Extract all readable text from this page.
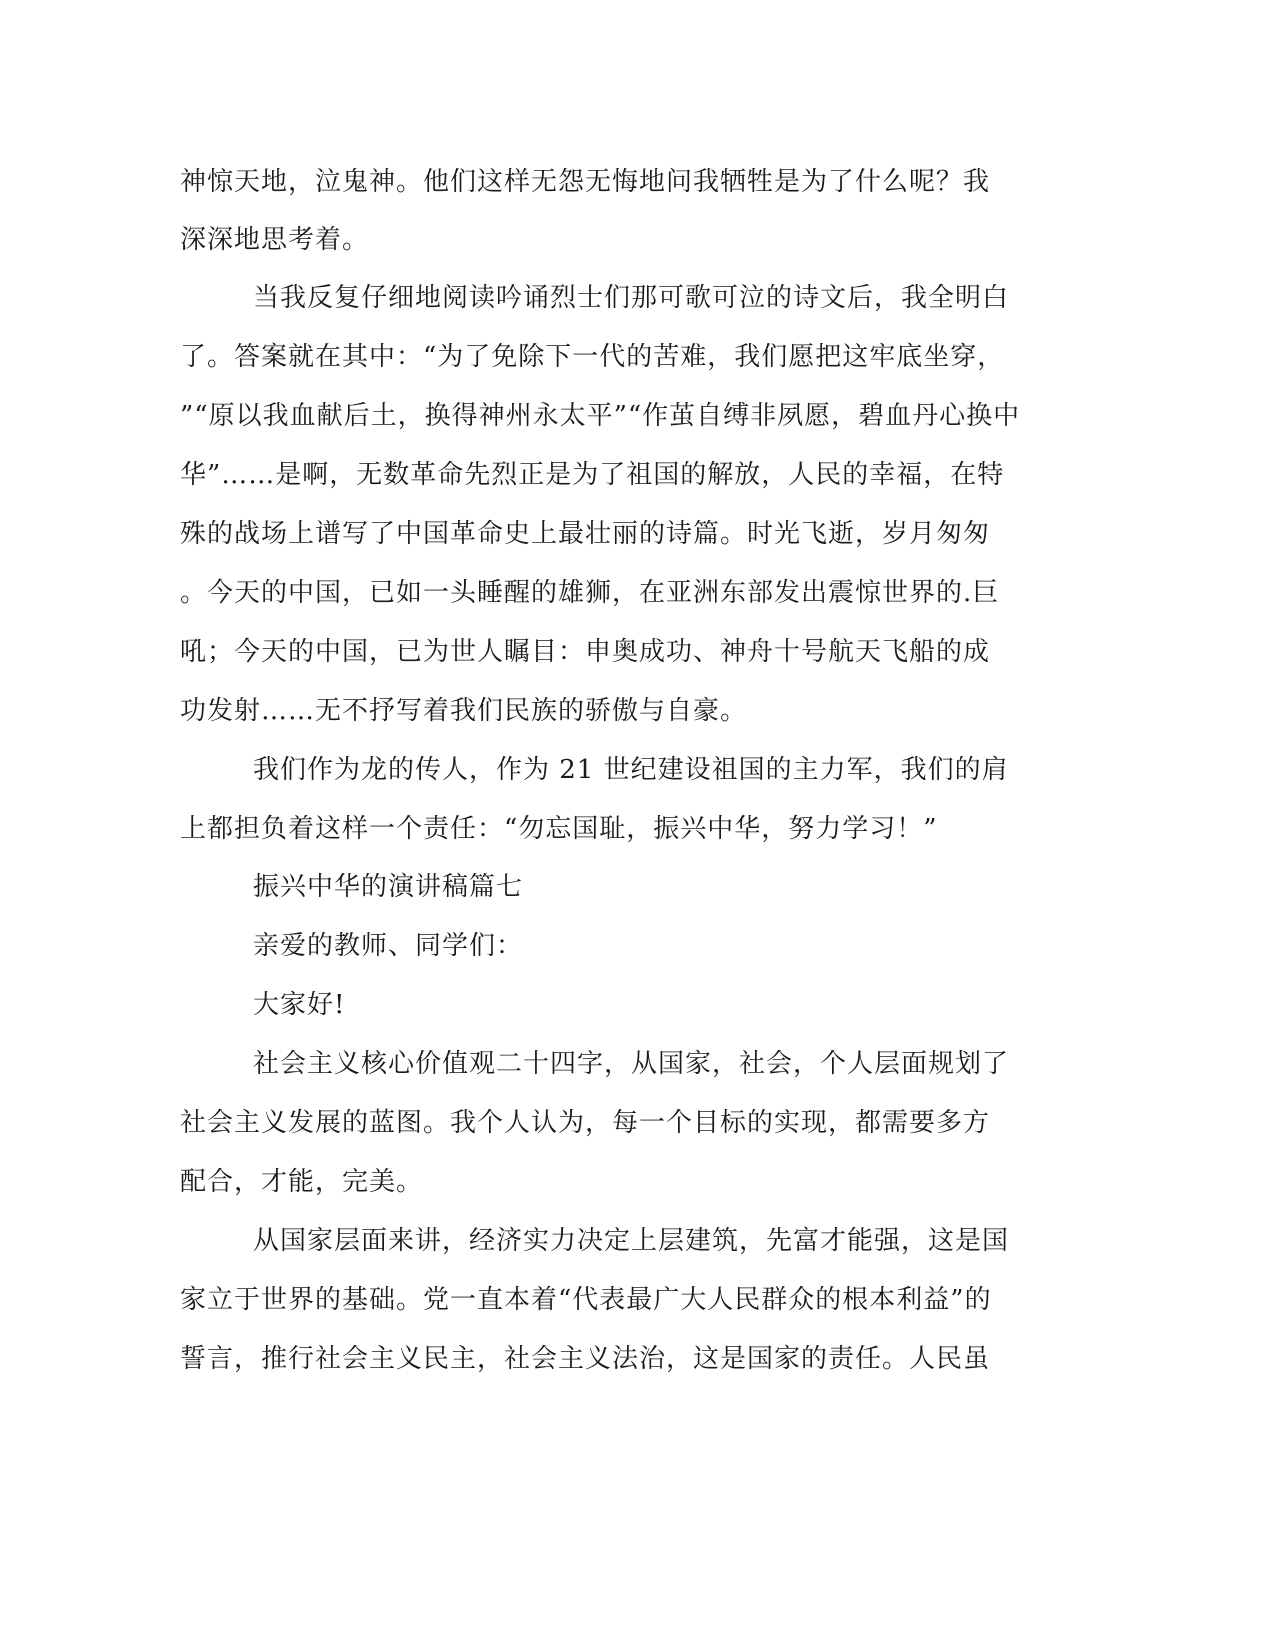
神惊天地，泣鬼神。他们这样无怨无悔地问我牺牲是为了什么呢？我
深深地思考着。
当我反复仔细地阅读吟诵烈士们那可歌可泣的诗文后，我全明白
了。答案就在其中：“为了免除下一代的苦难，我们愿把这牢底坐穿，
”“原以我血献后土，换得神州永太平”“作茧自缚非夙愿，碧血丹心换中
华”……是啊，无数革命先烈正是为了祖国的解放，人民的幸福，在特
殊的战场上谱写了中国革命史上最壮丽的诗篇。时光飞逝，岁月匆匆
。今天的中国，已如一头睡醒的雄狮，在亚洲东部发出震惊世界的.巨
吼；今天的中国，已为世人瞩目：申奥成功、神舟十号航天飞船的成
功发射……无不抒写着我们民族的骄傲与自豪。
我们作为龙的传人，作为 21 世纪建设祖国的主力军，我们的肩
上都担负着这样一个责任：“勿忘国耻，振兴中华，努力学习！”
振兴中华的演讲稿篇七
亲爱的教师、同学们：
大家好!
社会主义核心价值观二十四字，从国家，社会，个人层面规划了
社会主义发展的蓝图。我个人认为，每一个目标的实现，都需要多方
配合，才能，完美。
从国家层面来讲，经济实力决定上层建筑，先富才能强，这是国
家立于世界的基础。党一直本着“代表最广大人民群众的根本利益”的
誓言，推行社会主义民主，社会主义法治，这是国家的责任。人民虽
